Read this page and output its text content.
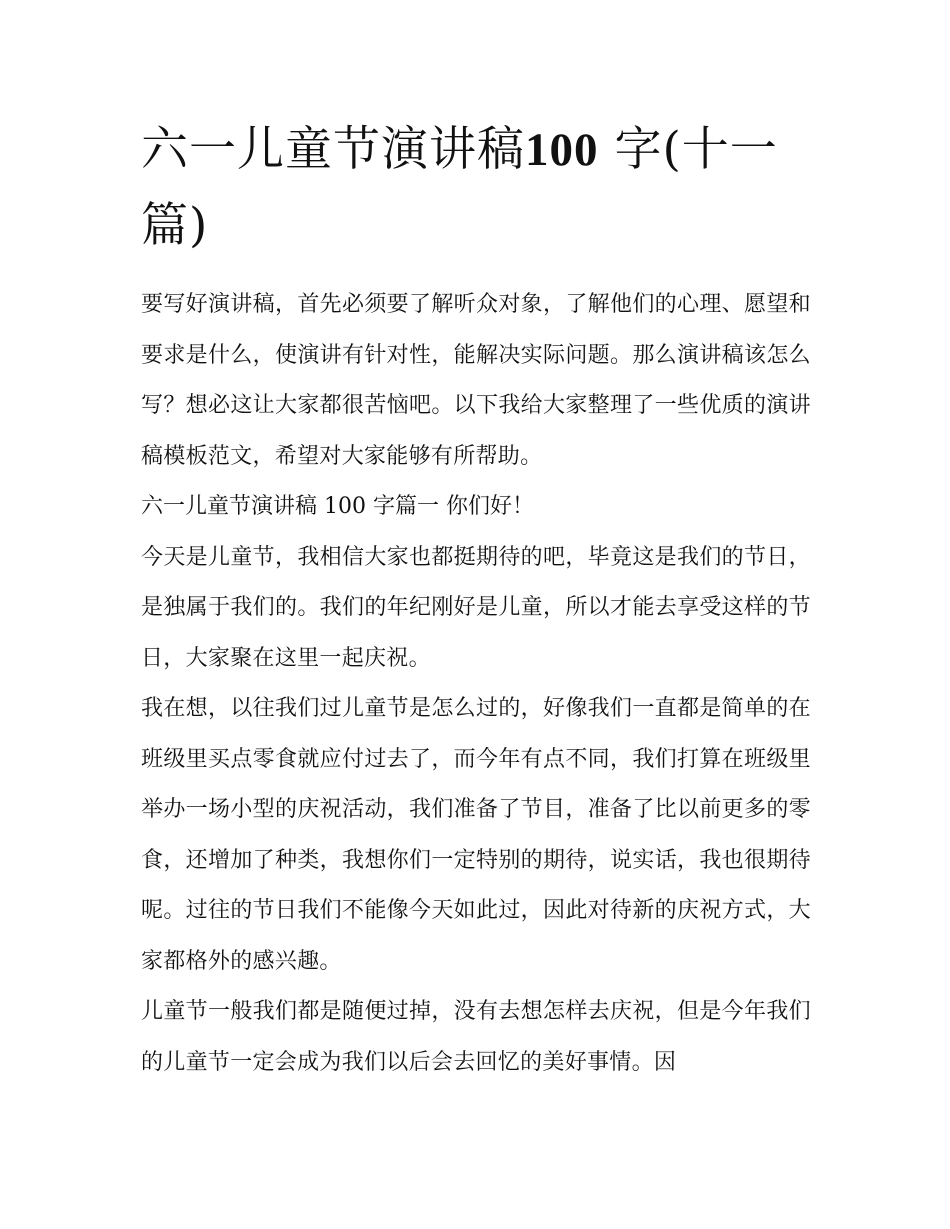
六一儿童节演讲稿100 字(十一篇)

要写好演讲稿，首先必须要了解听众对象，了解他们的心理、愿望和要求是什么，使演讲有针对性，能解决实际问题。那么演讲稿该怎么写？想必这让大家都很苦恼吧。以下我给大家整理了一些优质的演讲稿模板范文，希望对大家能够有所帮助。

六一儿童节演讲稿 100 字篇一 你们好！

今天是儿童节，我相信大家也都挺期待的吧，毕竟这是我们的节日，是独属于我们的。我们的年纪刚好是儿童，所以才能去享受这样的节日，大家聚在这里一起庆祝。

我在想，以往我们过儿童节是怎么过的，好像我们一直都是简单的在班级里买点零食就应付过去了，而今年有点不同，我们打算在班级里举办一场小型的庆祝活动，我们准备了节目，准备了比以前更多的零食，还增加了种类，我想你们一定特别的期待，说实话，我也很期待呢。过往的节日我们不能像今天如此过，因此对待新的庆祝方式，大家都格外的感兴趣。

儿童节一般我们都是随便过掉，没有去想怎样去庆祝，但是今年我们的儿童节一定会成为我们以后会去回忆的美好事情。因
